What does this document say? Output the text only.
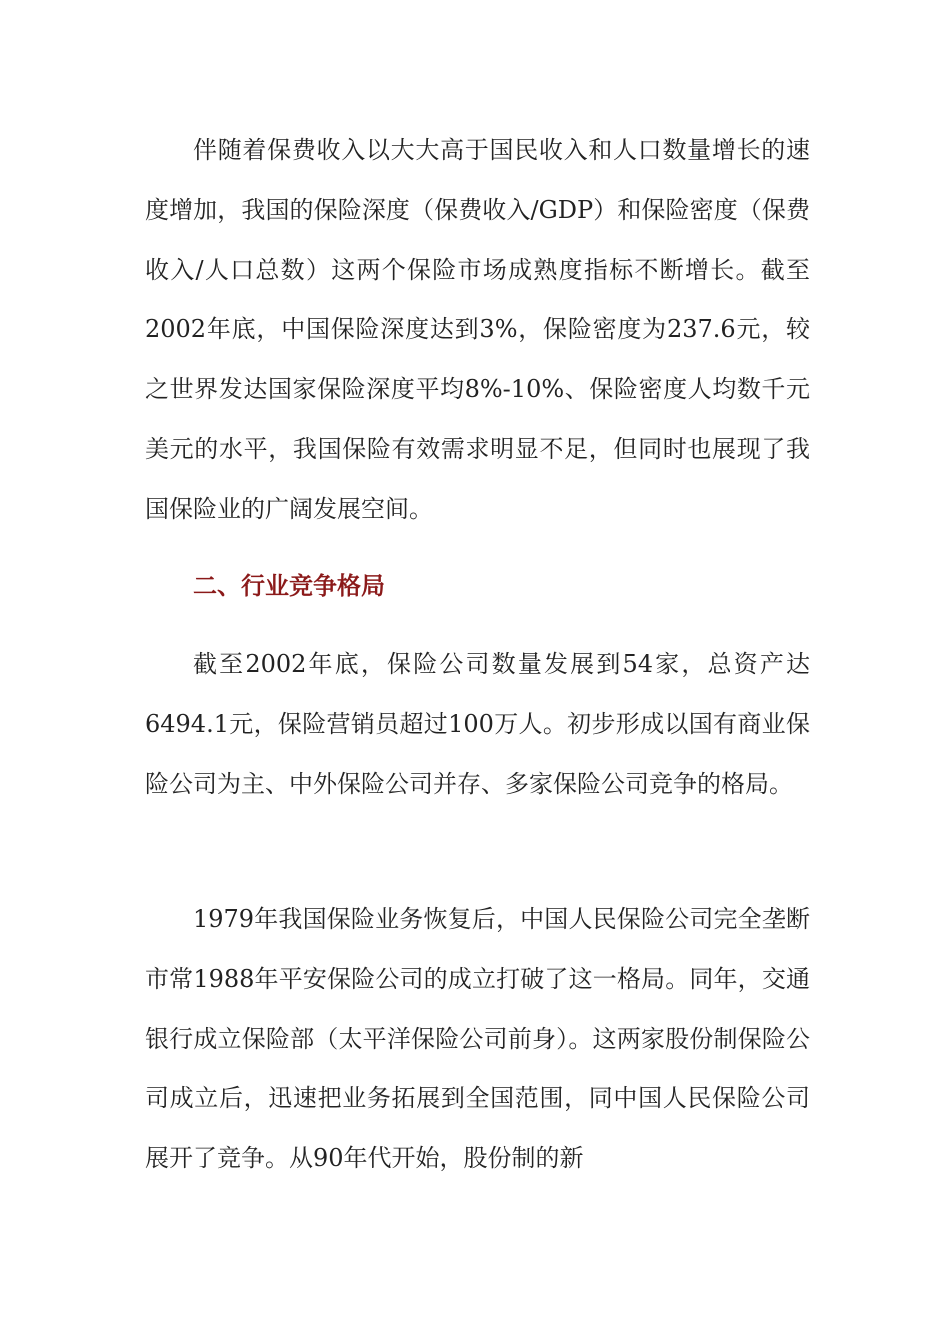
伴随着保费收入以大大高于国民收入和人口数量增长的速度增加，我国的保险深度（保费收入/GDP）和保险密度（保费收入/人口总数）这两个保险市场成熟度指标不断增长。截至2002年底，中国保险深度达到3%，保险密度为237.6元，较之世界发达国家保险深度平均8%-10%、保险密度人均数千元美元的水平，我国保险有效需求明显不足，但同时也展现了我国保险业的广阔发展空间。

二、行业竞争格局

截至2002年底，保险公司数量发展到54家，总资产达6494.1元，保险营销员超过100万人。初步形成以国有商业保险公司为主、中外保险公司并存、多家保险公司竞争的格局。

1979年我国保险业务恢复后，中国人民保险公司完全垄断市常1988年平安保险公司的成立打破了这一格局。同年，交通银行成立保险部（太平洋保险公司前身）。这两家股份制保险公司成立后，迅速把业务拓展到全国范围，同中国人民保险公司展开了竞争。从90年代开始，股份制的新
